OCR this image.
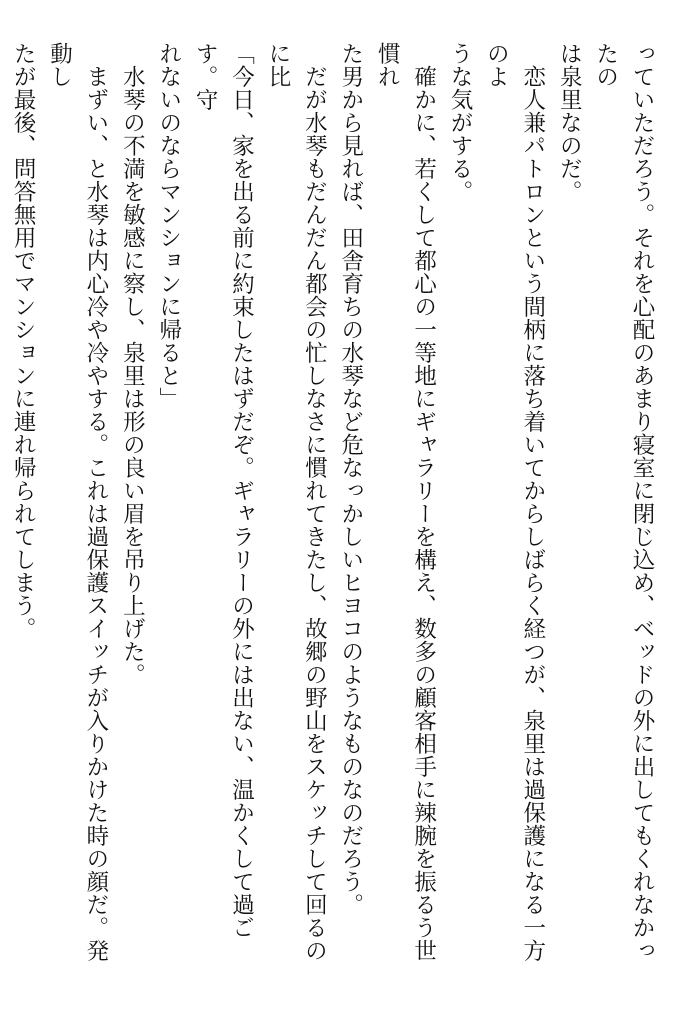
っていただろう。それを心配のあまり寝室に閉じ込め、ベッドの外に出してもくれなかったの
は泉里なのだ。
　恋人兼パトロンという間柄に落ち着いてからしばらく経つが、泉里は過保護になる一方のよ
うな気がする。
　確かに、若くして都心の一等地にギャラリーを構え、数多の顧客相手に辣腕を振るう世慣れ
た男から見れば、田舎育ちの水琴など危なっかしいヒヨコのようなものなのだろう。
　だが水琴もだんだん都会の忙しなさに慣れてきたし、故郷の野山をスケッチして回るのに比
「今日、家を出る前に約束したはずだぞ。ギャラリーの外には出ない、温かくして過ごす。守
れないのならマンションに帰ると」
　水琴の不満を敏感に察し、泉里は形の良い眉を吊り上げた。
　まずい、と水琴は内心冷や冷やする。これは過保護スイッチが入りかけた時の顔だ。発動し
たが最後、問答無用でマンションに連れ帰られてしまう。
